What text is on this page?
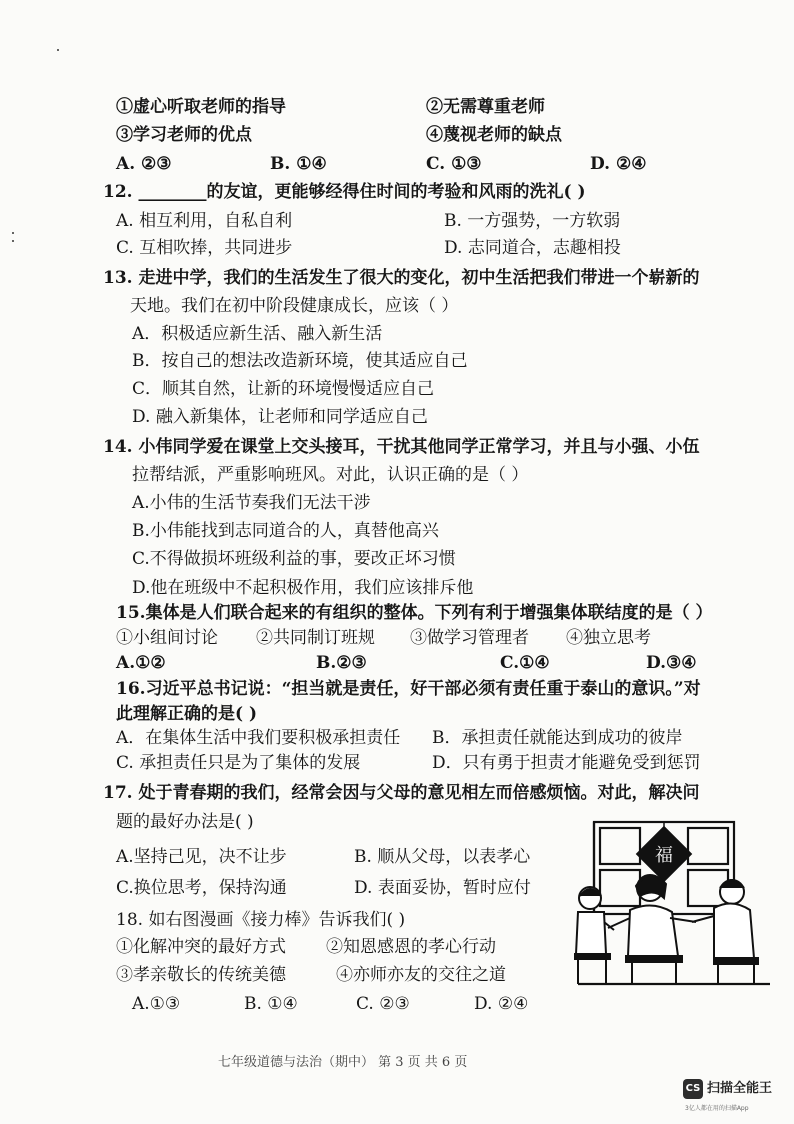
①虚心听取老师的指导	②无需尊重老师
③学习老师的优点	④蔑视老师的缺点
A. ②③	B. ①④	C. ①③	D. ②④
12. ________的友谊，更能够经得住时间的考验和风雨的洗礼( )
A. 相互利用，自私自利	B. 一方强势，一方软弱
C. 互相吹捧，共同进步	D. 志同道合，志趣相投
13. 走进中学，我们的生活发生了很大的变化，初中生活把我们带进一个崭新的
天地。我们在初中阶段健康成长，应该（ ）
A．积极适应新生活、融入新生活
B．按自己的想法改造新环境，使其适应自己
C．顺其自然，让新的环境慢慢适应自己
D. 融入新集体，让老师和同学适应自己
14. 小伟同学爱在课堂上交头接耳，干扰其他同学正常学习，并且与小强、小伍
拉帮结派，严重影响班风。对此，认识正确的是（ ）
A.小伟的生活节奏我们无法干涉
B.小伟能找到志同道合的人，真替他高兴
C.不得做损坏班级利益的事，要改正坏习惯
D.他在班级中不起积极作用，我们应该排斥他
15.集体是人们联合起来的有组织的整体。下列有利于增强集体联结度的是（ ）
①小组间讨论 ②共同制订班规 ③做学习管理者 ④独立思考
A.①②	B.②③	C.①④	D.③④
16.习近平总书记说：“担当就是责任，好干部必须有责任重于泰山的意识。”对
此理解正确的是( )
A．在集体生活中我们要积极承担责任 B．承担责任就能达到成功的彼岸
C. 承担责任只是为了集体的发展	D．只有勇于担责才能避免受到惩罚
17. 处于青春期的我们，经常会因与父母的意见相左而倍感烦恼。对此，解决问
题的最好办法是( )
A.坚持己见，决不让步	B. 顺从父母，以表孝心
C.换位思考，保持沟通	D. 表面妥协，暂时应付
18. 如右图漫画《接力棒》告诉我们( )
①化解冲突的最好方式 ②知恩感恩的孝心行动
③孝亲敬长的传统美德	④亦师亦友的交往之道
A.①③	B. ①④	C. ②③	D. ②④
福
七年级道德与法治（期中） 第 3 页 共 6 页
CS 扫描全能王
3亿人都在用的扫描App
